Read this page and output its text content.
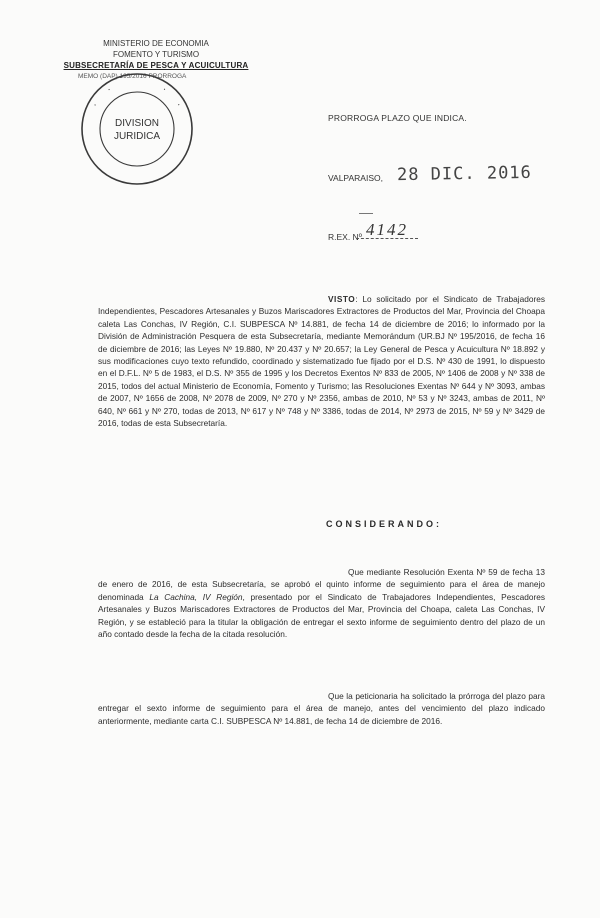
MINISTERIO DE ECONOMIA
FOMENTO Y TURISMO
SUBSECRETARÍA DE PESCA Y ACUICULTURA
MEMO (DAP) 195/2016 PRORROGA
·
·	·
·
DIVISION
JURIDICA
PRORROGA PLAZO QUE INDICA.
VALPARAISO, 28 DIC. 2016
R.EX. Nº 4142
VISTO: Lo solicitado por el Sindicato de Trabajadores Independientes, Pescadores Artesanales y Buzos Mariscadores Extractores de Productos del Mar, Provincia del Choapa caleta Las Conchas, IV Región, C.I. SUBPESCA Nº 14.881, de fecha 14 de diciembre de 2016; lo informado por la División de Administración Pesquera de esta Subsecretaría, mediante Memorándum (UR.BJ Nº 195/2016, de fecha 16 de diciembre de 2016; las Leyes Nº 19.880, Nº 20.437 y Nº 20.657; la Ley General de Pesca y Acuicultura Nº 18.892 y sus modificaciones cuyo texto refundido, coordinado y sistematizado fue fijado por el D.S. Nº 430 de 1991, lo dispuesto en el D.F.L. Nº 5 de 1983, el D.S. Nº 355 de 1995 y los Decretos Exentos Nº 833 de 2005, Nº 1406 de 2008 y Nº 338 de 2015, todos del actual Ministerio de Economía, Fomento y Turismo; las Resoluciones Exentas Nº 644 y Nº 3093, ambas de 2007, Nº 1656 de 2008, Nº 2078 de 2009, Nº 270 y Nº 2356, ambas de 2010, Nº 53 y Nº 3243, ambas de 2011, Nº 640, Nº 661 y Nº 270, todas de 2013, Nº 617 y Nº 748 y Nº 3386, todas de 2014, Nº 2973 de 2015, Nº 59 y Nº 3429 de 2016, todas de esta Subsecretaría.
CONSIDERANDO:
Que mediante Resolución Exenta Nº 59 de fecha 13 de enero de 2016, de esta Subsecretaría, se aprobó el quinto informe de seguimiento para el área de manejo denominada La Cachina, IV Región, presentado por el Sindicato de Trabajadores Independientes, Pescadores Artesanales y Buzos Mariscadores Extractores de Productos del Mar, Provincia del Choapa, caleta Las Conchas, IV Región, y se estableció para la titular la obligación de entregar el sexto informe de seguimiento dentro del plazo de un año contado desde la fecha de la citada resolución.
Que la peticionaria ha solicitado la prórroga del plazo para entregar el sexto informe de seguimiento para el área de manejo, antes del vencimiento del plazo indicado anteriormente, mediante carta C.I. SUBPESCA Nº 14.881, de fecha 14 de diciembre de 2016.
